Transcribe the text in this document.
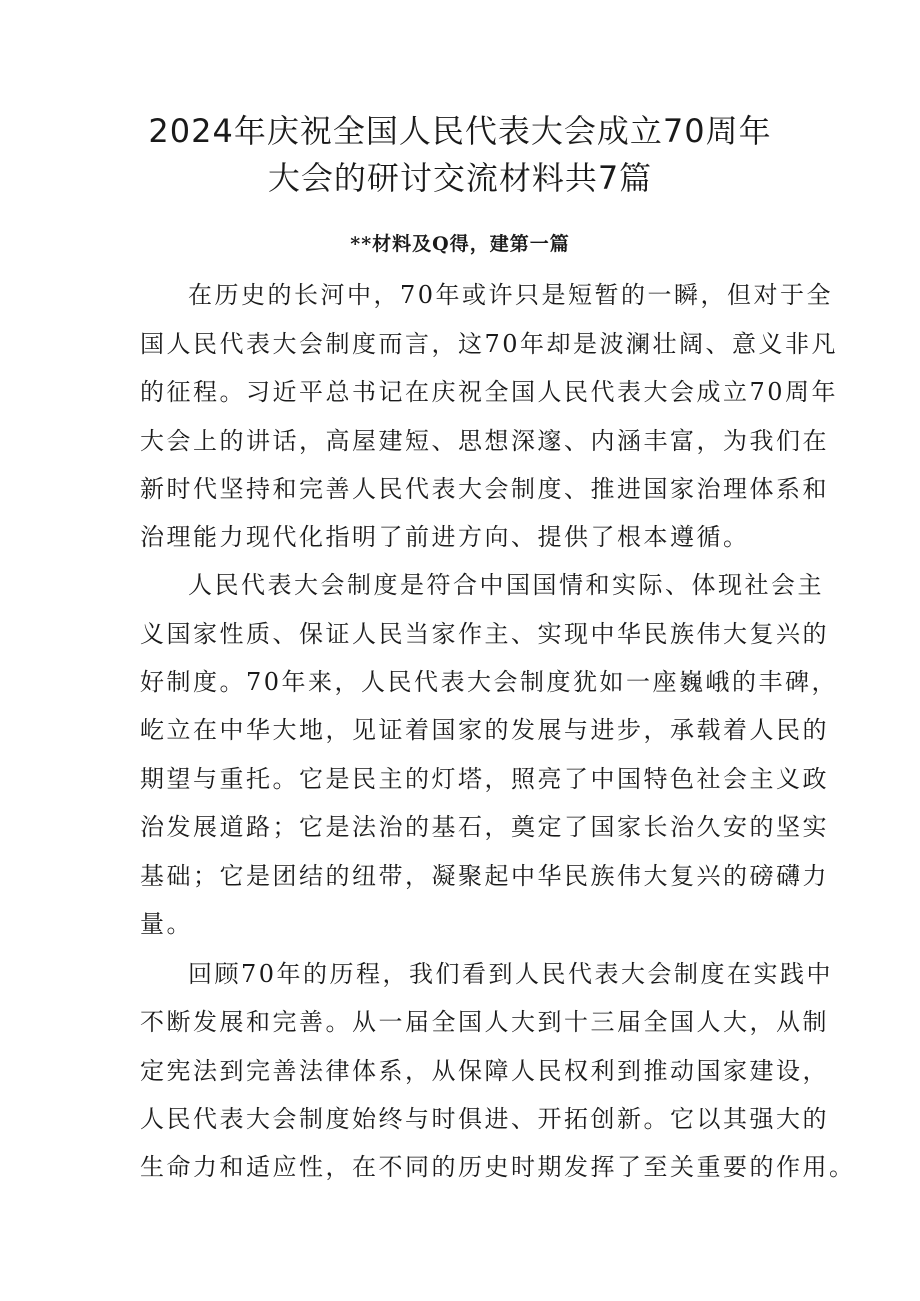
2024年庆祝全国人民代表大会成立70周年
大会的研讨交流材料共7篇
**材料及Q得，建第一篇
在历史的长河中，70年或许只是短暂的一瞬，但对于全
国人民代表大会制度而言，这70年却是波澜壮阔、意义非凡
的征程。习近平总书记在庆祝全国人民代表大会成立70周年
大会上的讲话，高屋建短、思想深邃、内涵丰富，为我们在
新时代坚持和完善人民代表大会制度、推进国家治理体系和
治理能力现代化指明了前进方向、提供了根本遵循。
人民代表大会制度是符合中国国情和实际、体现社会主
义国家性质、保证人民当家作主、实现中华民族伟大复兴的
好制度。70年来，人民代表大会制度犹如一座巍峨的丰碑，
屹立在中华大地，见证着国家的发展与进步，承载着人民的
期望与重托。它是民主的灯塔，照亮了中国特色社会主义政
治发展道路；它是法治的基石，奠定了国家长治久安的坚实
基础；它是团结的纽带，凝聚起中华民族伟大复兴的磅礴力
量。
回顾70年的历程，我们看到人民代表大会制度在实践中
不断发展和完善。从一届全国人大到十三届全国人大，从制
定宪法到完善法律体系，从保障人民权利到推动国家建设，
人民代表大会制度始终与时俱进、开拓创新。它以其强大的
生命力和适应性，在不同的历史时期发挥了至关重要的作用。
